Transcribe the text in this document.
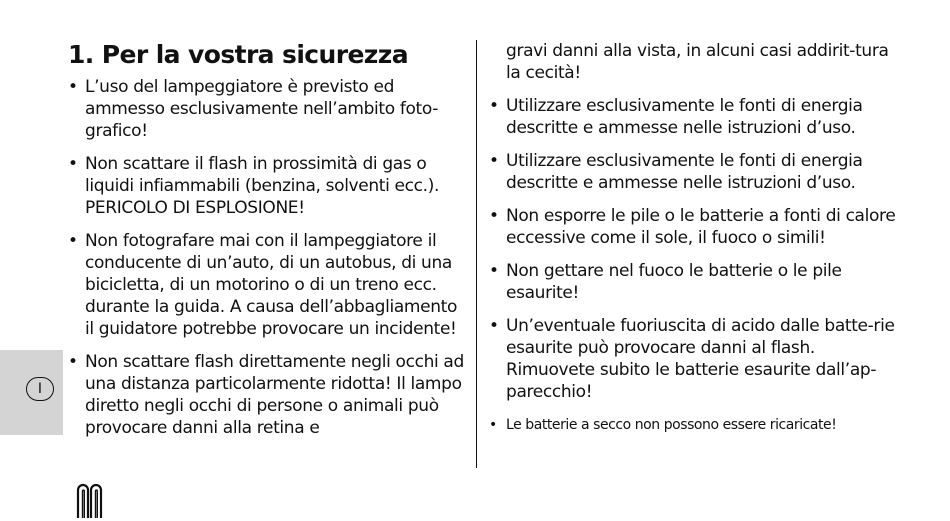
I
1. Per la vostra sicurezza
• L’uso del lampeggiatore è previsto ed ammesso esclusivamente nell’ambito foto-grafico!
• Non scattare il flash in prossimità di gas o liquidi infiammabili (benzina, solventi ecc.). PERICOLO DI ESPLOSIONE!
• Non fotografare mai con il lampeggiatore il conducente di un’auto, di un autobus, di una bicicletta, di un motorino o di un treno ecc. durante la guida. A causa dell’abbagliamento il guidatore potrebbe provocare un incidente!
• Non scattare flash direttamente negli occhi ad una distanza particolarmente ridotta! Il lampo diretto negli occhi di persone o animali può provocare danni alla retina e
gravi danni alla vista, in alcuni casi addirit-tura la cecità!
• Utilizzare esclusivamente le fonti di energia descritte e ammesse nelle istruzioni d’uso.
• Utilizzare esclusivamente le fonti di energia descritte e ammesse nelle istruzioni d’uso.
• Non esporre le pile o le batterie a fonti di calore eccessive come il sole, il fuoco o simili!
• Non gettare nel fuoco le batterie o le pile esaurite!
• Un’eventuale fuoriuscita di acido dalle batte-rie esaurite può provocare danni al flash. Rimuovete subito le batterie esaurite dall’ap-parecchio!
• Le batterie a secco non possono essere ricaricate!
